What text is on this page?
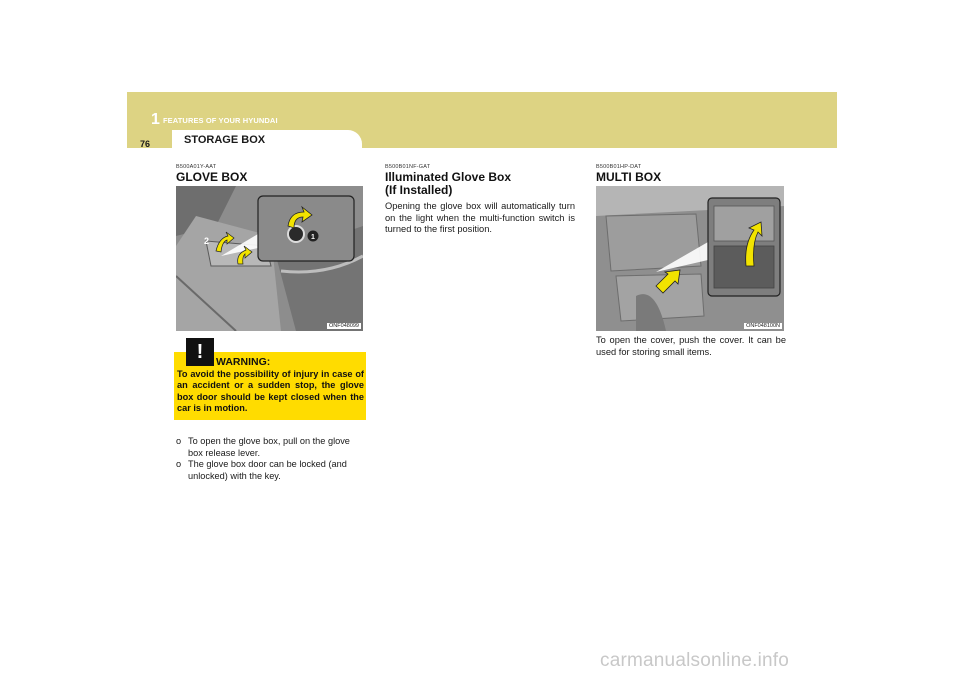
1 FEATURES OF YOUR HYUNDAI
76	STORAGE BOX
B500A01Y-AAT
GLOVE BOX
1
2
ONF048099
!	WARNING:
To avoid the possibility of injury in case of an accident or a sudden stop, the glove box door should be kept closed when the car is in motion.
o To open the glove box, pull on the glove box release lever.
o The glove box door can be locked (and unlocked) with the key.
B500B01NF-GAT
Illuminated Glove Box
(If Installed)
Opening the glove box will automatically turn on the light when the multi-function switch is turned to the first position.
B500B01HP-DAT
MULTI BOX
ONF048100N
To open the cover, push the cover. It can be used for storing small items.
carmanualsonline.info
